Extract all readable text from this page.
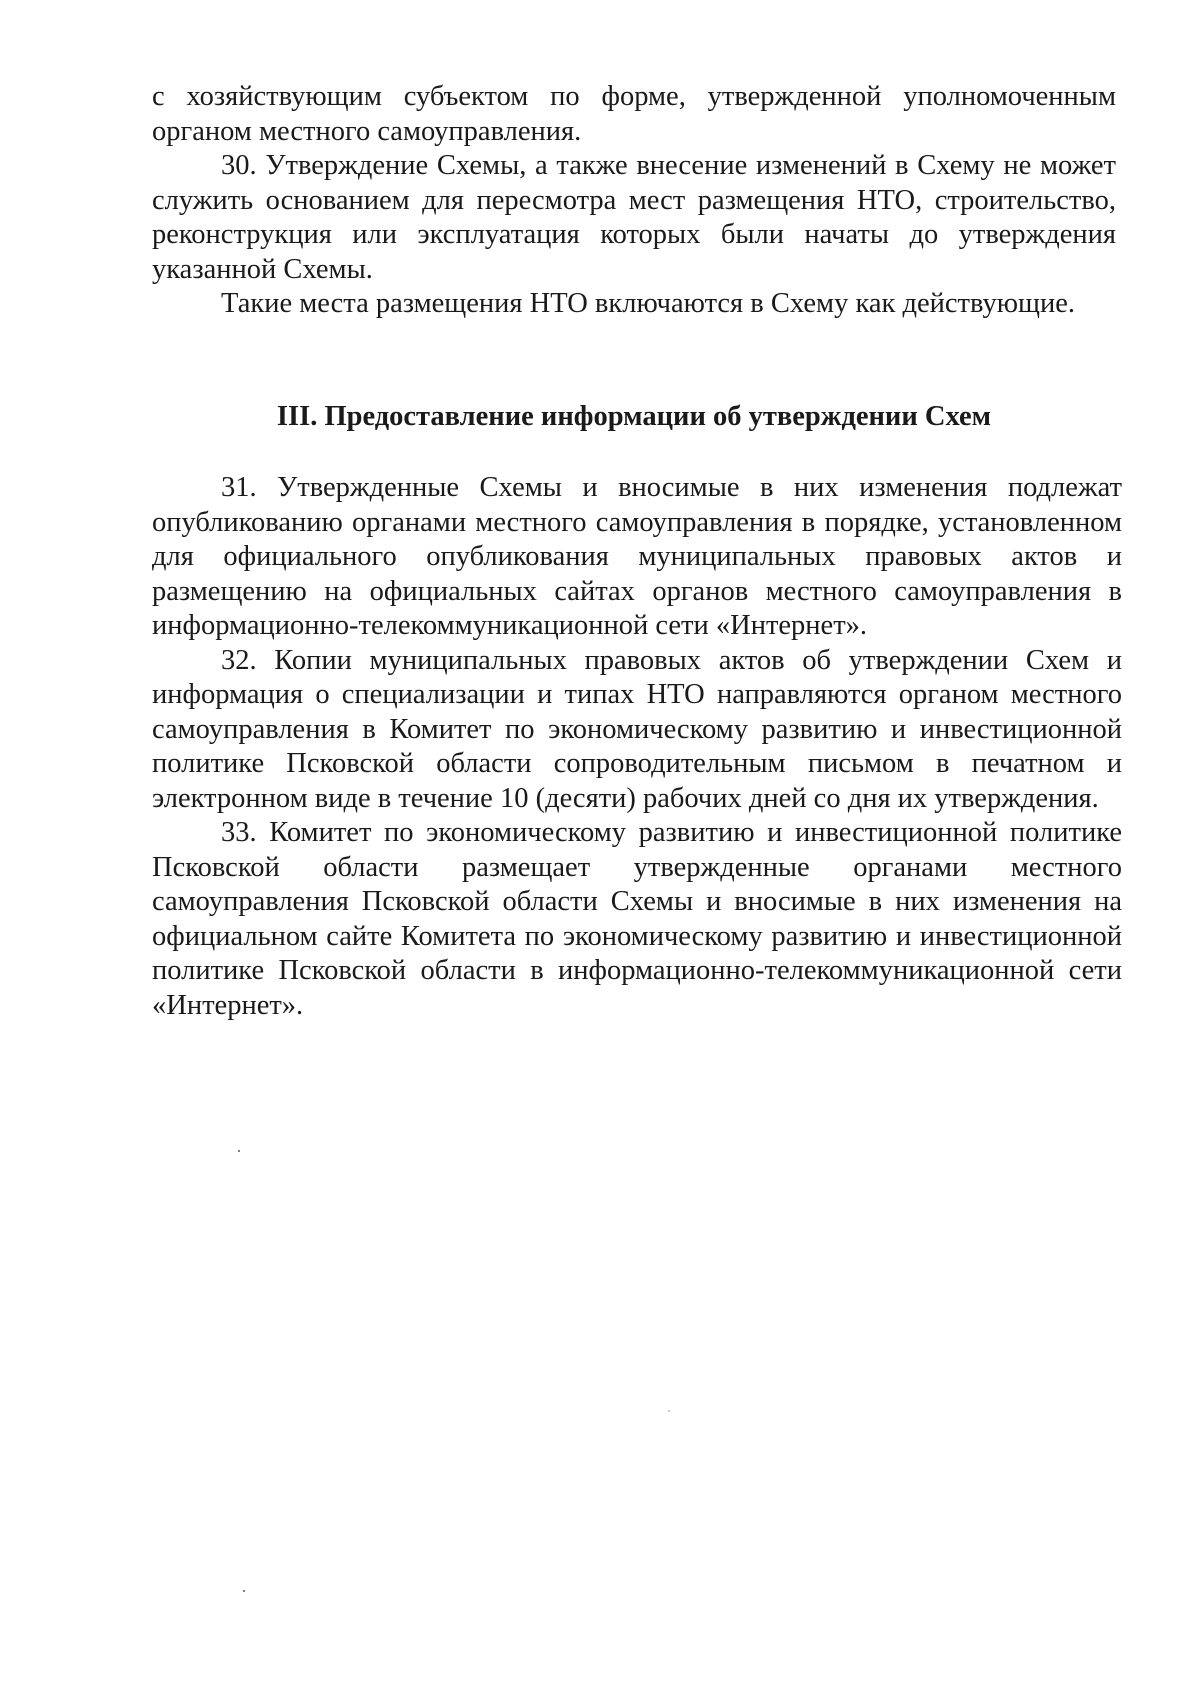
с хозяйствующим субъектом по форме, утвержденной уполномоченным органом местного самоуправления.

30. Утверждение Схемы, а также внесение изменений в Схему не может служить основанием для пересмотра мест размещения НТО, строительство, реконструкция или эксплуатация которых были начаты до утверждения указанной Схемы.

Такие места размещения НТО включаются в Схему как действующие.

III. Предоставление информации об утверждении Схем

31. Утвержденные Схемы и вносимые в них изменения подлежат опубликованию органами местного самоуправления в порядке, установленном для официального опубликования муниципальных правовых актов и размещению на официальных сайтах органов местного самоуправления в информационно-телекоммуникационной сети «Интернет».

32. Копии муниципальных правовых актов об утверждении Схем и информация о специализации и типах НТО направляются органом местного самоуправления в Комитет по экономическому развитию и инвестиционной политике Псковской области сопроводительным письмом в печатном и электронном виде в течение 10 (десяти) рабочих дней со дня их утверждения.

33. Комитет по экономическому развитию и инвестиционной политике Псковской области размещает утвержденные органами местного самоуправления Псковской области Схемы и вносимые в них изменения на официальном сайте Комитета по экономическому развитию и инвестиционной политике Псковской области в информационно-телекоммуникационной сети «Интернет».
